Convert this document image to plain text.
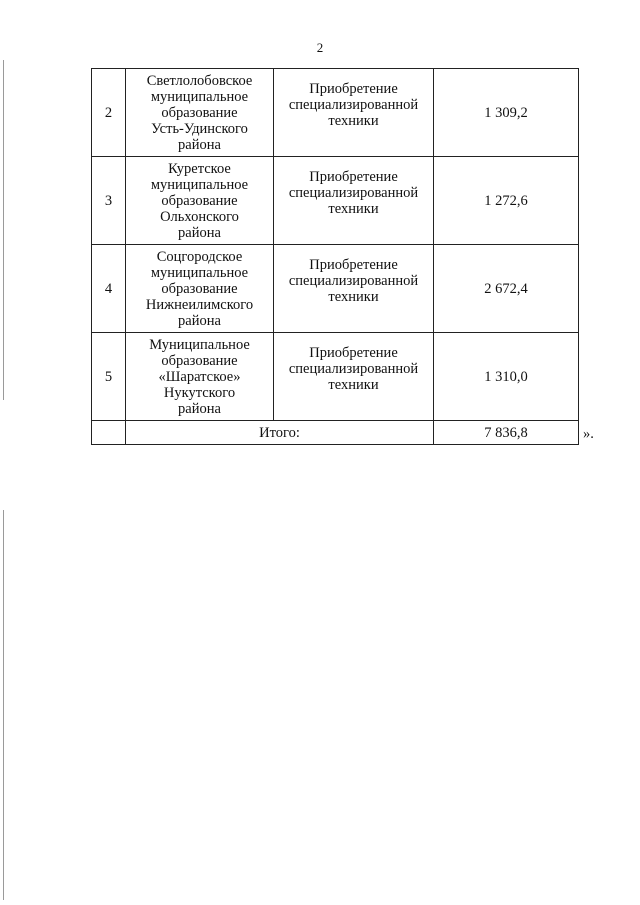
2
2	Светлолобовское
муниципальное
образование
Усть-Удинского
района	Приобретение
специализированной
техники	1 309,2
3	Куретское
муниципальное
образование
Ольхонского
района	Приобретение
специализированной
техники	1 272,6
4	Соцгородское
муниципальное
образование
Нижнеилимского
района	Приобретение
специализированной
техники	2 672,4
5	Муниципальное
образование
«Шаратское»
Нукутского
района	Приобретение
специализированной
техники	1 310,0
	Итого:		7 836,8	».
